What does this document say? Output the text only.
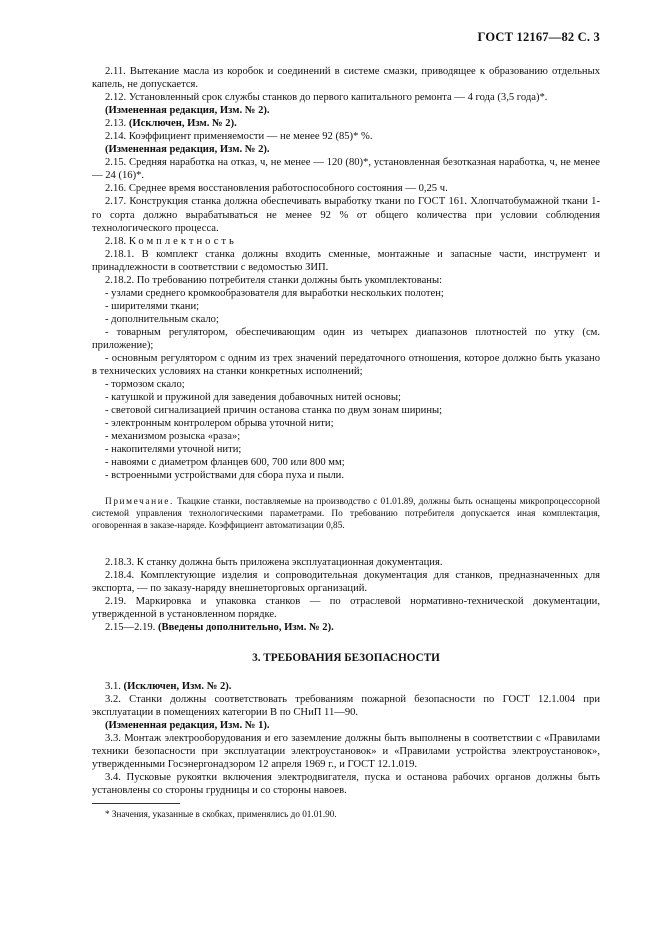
ГОСТ 12167—82 С. 3

2.11. Вытекание масла из коробок и соединений в системе смазки, приводящее к образованию отдельных капель, не допускается.

2.12. Установленный срок службы станков до первого капитального ремонта — 4 года (3,5 года)*.

(Измененная редакция, Изм. № 2).

2.13. (Исключен, Изм. № 2).

2.14. Коэффициент применяемости — не менее 92 (85)* %.

(Измененная редакция, Изм. № 2).

2.15. Средняя наработка на отказ, ч, не менее — 120 (80)*, установленная безотказная наработка, ч, не менее — 24 (16)*.

2.16. Среднее время восстановления работоспособного состояния — 0,25 ч.

2.17. Конструкция станка должна обеспечивать выработку ткани по ГОСТ 161. Хлопчатобумажной ткани 1-го сорта должно вырабатываться не менее 92 % от общего количества при условии соблюдения технологического процесса.

2.18. Комплектность

2.18.1. В комплект станка должны входить сменные, монтажные и запасные части, инструмент и принадлежности в соответствии с ведомостью ЗИП.

2.18.2. По требованию потребителя станки должны быть укомплектованы:

- узлами среднего кромкообразователя для выработки нескольких полотен;

- ширителями ткани;

- дополнительным скало;

- товарным регулятором, обеспечивающим один из четырех диапазонов плотностей по утку (см. приложение);

- основным регулятором с одним из трех значений передаточного отношения, которое должно быть указано в технических условиях на станки конкретных исполнений;

- тормозом скало;

- катушкой и пружиной для заведения добавочных нитей основы;

- световой сигнализацией причин останова станка по двум зонам ширины;

- электронным контролером обрыва уточной нити;

- механизмом розыска «раза»;

- накопителями уточной нити;

- навоями с диаметром фланцев 600, 700 или 800 мм;

- встроенными устройствами для сбора пуха и пыли.

Примечание. Ткацкие станки, поставляемые на производство с 01.01.89, должны быть оснащены микропроцессорной системой управления технологическими параметрами. По требованию потребителя допускается иная комплектация, оговоренная в заказе-наряде. Коэффициент автоматизации 0,85.

2.18.3. К станку должна быть приложена эксплуатационная документация.

2.18.4. Комплектующие изделия и сопроводительная документация для станков, предназначенных для экспорта, — по заказу-наряду внешнеторговых организаций.

2.19. Маркировка и упаковка станков — по отраслевой нормативно-технической документации, утвержденной в установленном порядке.

2.15—2.19. (Введены дополнительно, Изм. № 2).

3. ТРЕБОВАНИЯ БЕЗОПАСНОСТИ

3.1. (Исключен, Изм. № 2).

3.2. Станки должны соответствовать требованиям пожарной безопасности по ГОСТ 12.1.004 при эксплуатации в помещениях категории В по СНиП 11—90.

(Измененная редакция, Изм. № 1).

3.3. Монтаж электрооборудования и его заземление должны быть выполнены в соответствии с «Правилами техники безопасности при эксплуатации электроустановок» и «Правилами устройства электроустановок», утвержденными Госэнергонадзором 12 апреля 1969 г., и ГОСТ 12.1.019.

3.4. Пусковые рукоятки включения электродвигателя, пуска и останова рабочих органов должны быть установлены со стороны грудницы и со стороны навоев.

* Значения, указанные в скобках, применялись до 01.01.90.
